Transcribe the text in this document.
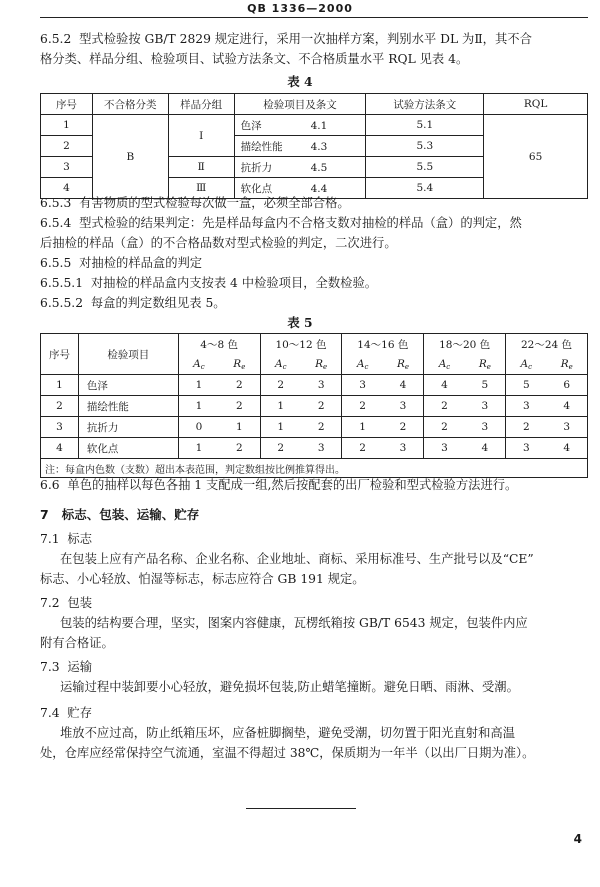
QB 1336—2000
6.5.2 型式检验按 GB/T 2829 规定进行，采用一次抽样方案，判别水平 DL 为Ⅱ，其不合
格分类、样品分组、检验项目、试验方法条文、不合格质量水平 RQL 见表 4。
表 4
序号	不合格分类	样品分组	检验项目及条文	试验方法条文	RQL
1	B	Ⅰ	色泽 4.1	5.1	65
2			描绘性能 4.3	5.3	
3		Ⅱ	抗折力 4.5	5.5	
4		Ⅲ	软化点 4.4	5.4	
6.5.3 有害物质的型式检验每次做一盒，必须全部合格。
6.5.4 型式检验的结果判定：先是样品每盒内不合格支数对抽检的样品（盒）的判定，然
后抽检的样品（盒）的不合格品数对型式检验的判定，二次进行。
6.5.5 对抽检的样品盒的判定
6.5.5.1 对抽检的样品盒内支按表 4 中检验项目，全数检验。
6.5.5.2 每盒的判定数组见表 5。
表 5
序号	检验项目	4～8 色		10～12 色		14～16 色		18～20 色		22～24 色	
		$A_c$	$R_e$	$A_c$	$R_e$	$A_c$	$R_e$	$A_c$	$R_e$	$A_c$	$R_e$
1	色泽	1	2	2	3	3	4	4	5	5	6
2	描绘性能	1	2	1	2	2	3	2	3	3	4
3	抗折力	0	1	1	2	1	2	2	3	2	3
4	软化点	1	2	2	3	2	3	3	4	3	4
注：每盒内色数（支数）超出本表范围，判定数组按比例推算得出。											
6.6 单色的抽样以每色各抽 1 支配成一组,然后按配套的出厂检验和型式检验方法进行。
7 标志、包装、运输、贮存
7.1 标志
在包装上应有产品名称、企业名称、企业地址、商标、采用标准号、生产批号以及“CE”
标志、小心轻放、怕湿等标志，标志应符合 GB 191 规定。
7.2 包装
包装的结构要合理，坚实，图案内容健康，瓦楞纸箱按 GB/T 6543 规定，包装件内应
附有合格证。
7.3 运输
运输过程中装卸要小心轻放，避免损坏包装,防止蜡笔撞断。避免日晒、雨淋、受潮。
7.4 贮存
堆放不应过高，防止纸箱压坏，应备桩脚搁垫，避免受潮，切勿置于阳光直射和高温
处，仓库应经常保持空气流通，室温不得超过 38℃，保质期为一年半（以出厂日期为准）。
4
